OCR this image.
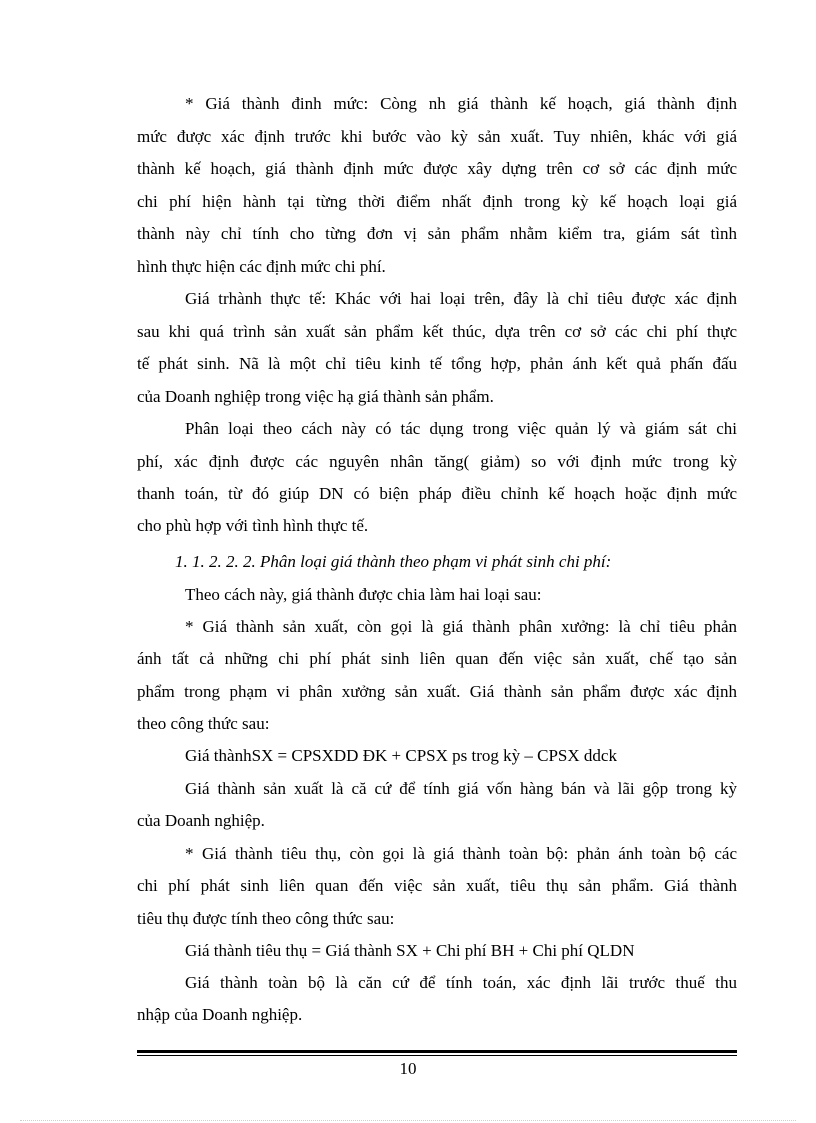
* Giá thành đinh mức: Còng nh giá thành kế hoạch, giá thành định
mức được xác định trước khi bước vào kỳ sản xuất. Tuy nhiên, khác với giá
thành kế hoạch, giá thành định mức được xây dựng trên cơ sở các định mức
chi phí hiện hành tại từng thời điểm nhất định trong kỳ kế hoạch loại giá
thành này chỉ tính cho từng đơn vị sản phẩm nhằm kiểm tra, giám sát tình
hình thực hiện các định mức chi phí.
Giá trhành thực tế: Khác với hai loại trên, đây là chỉ tiêu được xác định
sau khi quá trình sản xuất sản phẩm kết thúc, dựa trên cơ sở các chi phí thực
tế phát sinh. Nã là một chỉ tiêu kinh tế tổng hợp, phản ánh kết quả phấn đấu
của Doanh nghiệp trong việc hạ giá thành sản phẩm.
Phân loại theo cách này có tác dụng trong việc quản lý và giám sát chi
phí, xác định được các nguyên nhân tăng( giảm) so với định mức trong kỳ
thanh toán, từ đó giúp DN có biện pháp điều chỉnh kế hoạch hoặc định mức
cho phù hợp với tình hình thực tế.
1. 1. 2. 2. 2. Phân loại giá thành theo phạm vi phát sinh chi phí:
Theo cách này, giá thành được chia làm hai loại sau:
* Giá thành sản xuất, còn gọi là giá thành phân xưởng: là chỉ tiêu phản
ánh tất cả những chi phí phát sinh liên quan đến việc sản xuất, chế tạo sản
phẩm trong phạm vi phân xưởng sản xuất. Giá thành sản phẩm được xác định
theo công thức sau:
Giá thànhSX = CPSXDD ĐK + CPSX ps trog kỳ – CPSX ddck
Giá thành sản xuất là că cứ để tính giá vốn hàng bán và lãi gộp trong kỳ
của Doanh nghiệp.
* Giá thành tiêu thụ, còn gọi là giá thành toàn bộ: phản ánh toàn bộ các
chi phí phát sinh liên quan đến việc sản xuất, tiêu thụ sản phẩm. Giá thành
tiêu thụ được tính theo công thức sau:
Giá thành tiêu thụ = Giá thành SX + Chi phí BH + Chi phí QLDN
Giá thành toàn bộ là căn cứ để tính toán, xác định lãi trước thuế thu
nhập của Doanh nghiệp.
10
